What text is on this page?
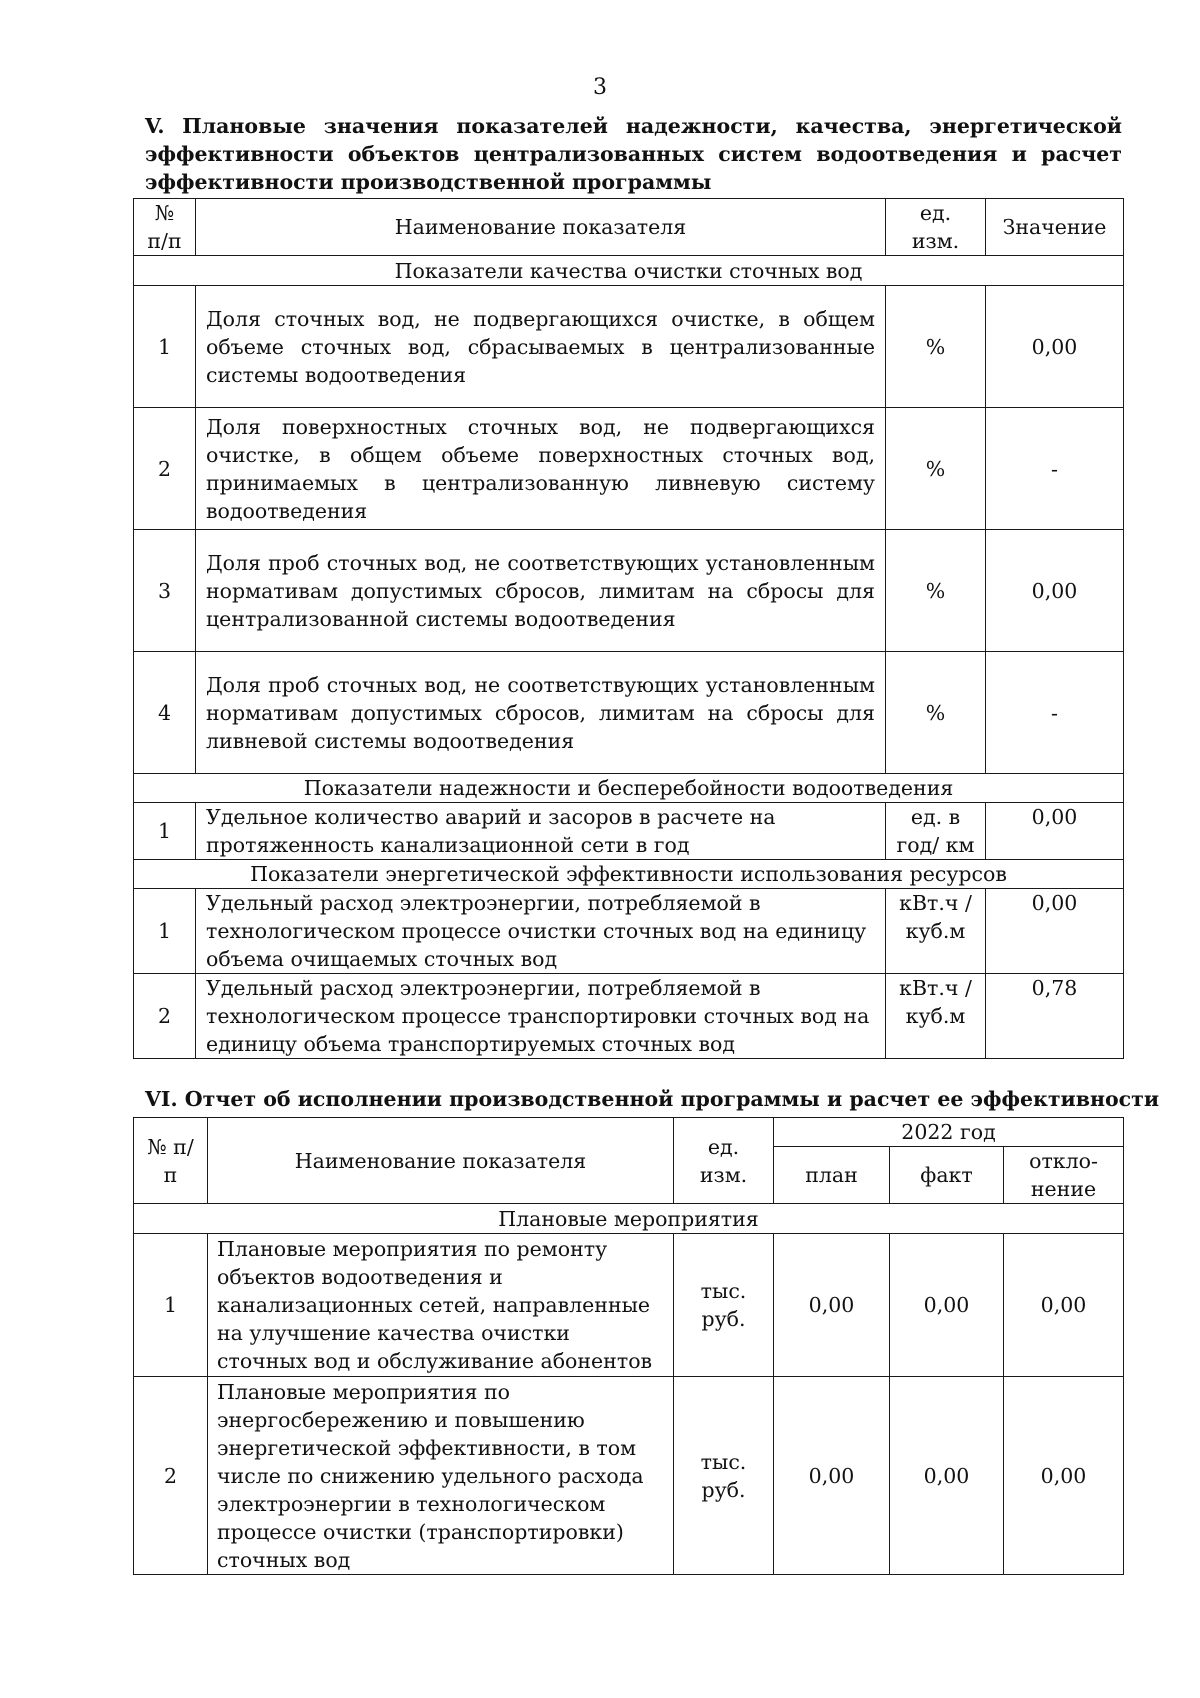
3
V. Плановые значения показателей надежности, качества, энергетической эффективности объектов централизованных систем водоотведения и расчет эффективности производственной программы
№ п/п	Наименование показателя	ед. изм.	Значение
Показатели качества очистки сточных вод			
1	Доля сточных вод, не подвергающихся очистке, в общем объеме сточных вод, сбрасываемых в централизованные системы водоотведения	%	0,00
2	Доля поверхностных сточных вод, не подвергающихся очистке, в общем объеме поверхностных сточных вод, принимаемых в централизованную ливневую систему водоотведения	%	-
3	Доля проб сточных вод, не соответствующих установленным нормативам допустимых сбросов, лимитам на сбросы для централизованной системы водоотведения	%	0,00
4	Доля проб сточных вод, не соответствующих установленным нормативам допустимых сбросов, лимитам на сбросы для ливневой системы водоотведения	%	-
Показатели надежности и бесперебойности водоотведения			
1	Удельное количество аварий и засоров в расчете на протяженность канализационной сети в год	ед. в год/ км	0,00
Показатели энергетической эффективности использования ресурсов			
1	Удельный расход электроэнергии, потребляемой в технологическом процессе очистки сточных вод на единицу объема очищаемых сточных вод	кВт.ч / куб.м	0,00
2	Удельный расход электроэнергии, потребляемой в технологическом процессе транспортировки сточных вод на единицу объема транспортируемых сточных вод	кВт.ч / куб.м	0,78
VI. Отчет об исполнении производственной программы и расчет ее эффективности
№ п/п	Наименование показателя	ед. изм.	2022 год		
			план	факт	откло-нение
Плановые мероприятия					
1	Плановые мероприятия по ремонту объектов водоотведения и канализационных сетей, направленные на улучшение качества очистки сточных вод и обслуживание абонентов	тыс. руб.	0,00	0,00	0,00
2	Плановые мероприятия по энергосбережению и повышению энергетической эффективности, в том числе по снижению удельного расхода электроэнергии в технологическом процессе очистки (транспортировки) сточных вод	тыс. руб.	0,00	0,00	0,00
